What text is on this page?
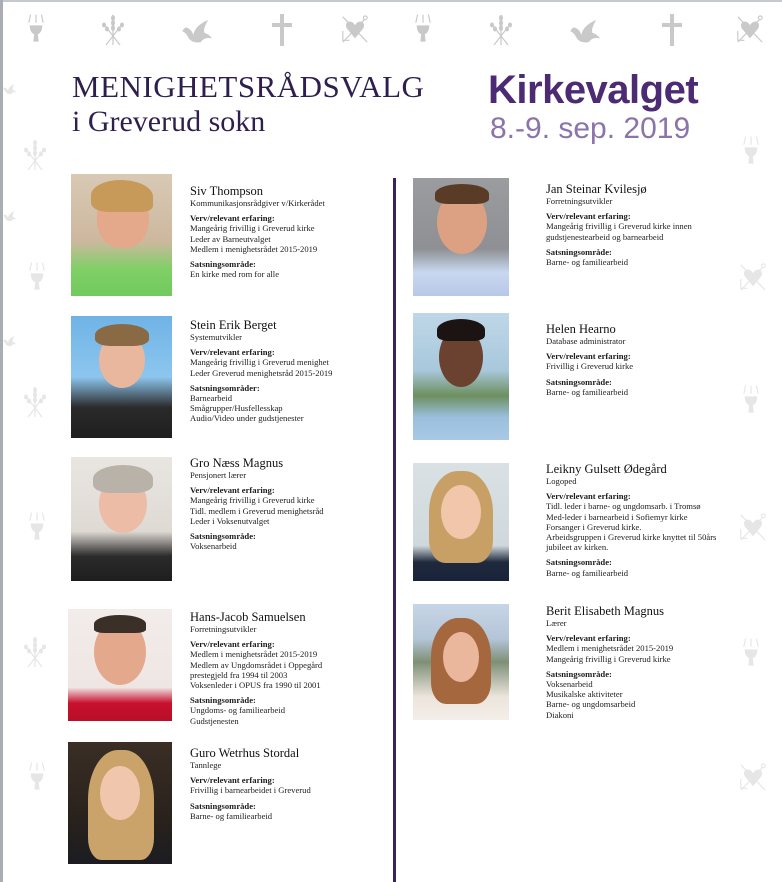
MENIGHETSRÅDSVALG
i Greverud sokn
Kirkevalget
8.-9. sep. 2019
Siv Thompson
Kommunikasjonsrådgiver v/Kirkerådet
Verv/relevant erfaring:
Mangeårig frivillig i Greverud kirke
Leder av Barneutvalget
Medlem i menighetsrådet 2015-2019
Satsningsområde:
En kirke med rom for alle
Stein Erik Berget
Systemutvikler
Verv/relevant erfaring:
Mangeårig frivillig i Greverud menighet
Leder Greverud menighetsråd 2015-2019
Satsningsområder:
Barnearbeid
Smågrupper/Husfellesskap
Audio/Video under gudstjenester
Gro Næss Magnus
Pensjonert lærer
Verv/relevant erfaring:
Mangeårig frivillig i Greverud kirke
Tidl. medlem i Greverud menighetsråd
Leder i Voksenutvalget
Satsningsområde:
Voksenarbeid
Hans-Jacob Samuelsen
Forretningsutvikler
Verv/relevant erfaring:
Medlem i menighetsrådet 2015-2019
Medlem av Ungdomsrådet i Oppegård
prestegjeld fra 1994 til 2003
Voksenleder i OPUS fra 1990 til 2001
Satsningsområde:
Ungdoms- og familiearbeid
Gudstjenesten
Guro Wetrhus Stordal
Tannlege
Verv/relevant erfaring:
Frivillig i barnearbeidet i Greverud
Satsningsområde:
Barne- og familiearbeid
Jan Steinar Kvilesjø
Forretningsutvikler
Verv/relevant erfaring:
Mangeårig frivillig i Greverud kirke innen
gudstjenestearbeid og barnearbeid
Satsningsområde:
Barne- og familiearbeid
Helen Hearno
Database administrator
Verv/relevant erfaring:
Frivillig i Greverud kirke
Satsningsområde:
Barne- og familiearbeid
Leikny Gulsett Ødegård
Logoped
Verv/relevant erfaring:
Tidl. leder i barne- og ungdomsarb. i Tromsø
Med-leder i barnearbeid i Sofiemyr kirke
Forsanger i Greverud kirke.
Arbeidsgruppen i Greverud kirke knyttet til 50års
jubileet av kirken.
Satsningsområde:
Barne- og familiearbeid
Berit Elisabeth Magnus
Lærer
Verv/relevant erfaring:
Medlem i menighetsrådet 2015-2019
Mangeårig frivillig i Greverud kirke
Satsningsområde:
Voksenarbeid
Musikalske aktiviteter
Barne- og ungdomsarbeid
Diakoni
